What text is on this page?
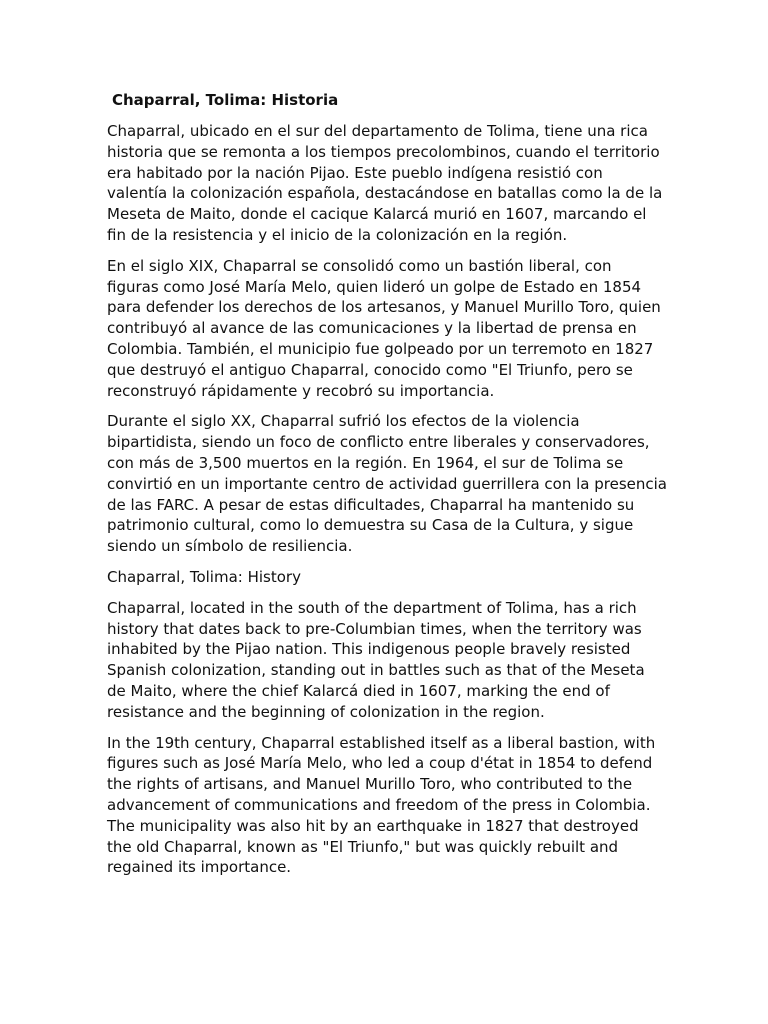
Chaparral, Tolima: Historia

Chaparral, ubicado en el sur del departamento de Tolima, tiene una rica historia que se remonta a los tiempos precolombinos, cuando el territorio era habitado por la nación Pijao. Este pueblo indígena resistió con valentía la colonización española, destacándose en batallas como la de la Meseta de Maito, donde el cacique Kalarcá murió en 1607, marcando el fin de la resistencia y el inicio de la colonización en la región.

En el siglo XIX, Chaparral se consolidó como un bastión liberal, con figuras como José María Melo, quien lideró un golpe de Estado en 1854 para defender los derechos de los artesanos, y Manuel Murillo Toro, quien contribuyó al avance de las comunicaciones y la libertad de prensa en Colombia. También, el municipio fue golpeado por un terremoto en 1827 que destruyó el antiguo Chaparral, conocido como "El Triunfo, pero se reconstruyó rápidamente y recobró su importancia.

Durante el siglo XX, Chaparral sufrió los efectos de la violencia bipartidista, siendo un foco de conflicto entre liberales y conservadores, con más de 3,500 muertos en la región. En 1964, el sur de Tolima se convirtió en un importante centro de actividad guerrillera con la presencia de las FARC. A pesar de estas dificultades, Chaparral ha mantenido su patrimonio cultural, como lo demuestra su Casa de la Cultura, y sigue siendo un símbolo de resiliencia.

Chaparral, Tolima: History

Chaparral, located in the south of the department of Tolima, has a rich history that dates back to pre-Columbian times, when the territory was inhabited by the Pijao nation. This indigenous people bravely resisted Spanish colonization, standing out in battles such as that of the Meseta de Maito, where the chief Kalarcá died in 1607, marking the end of resistance and the beginning of colonization in the region.

In the 19th century, Chaparral established itself as a liberal bastion, with figures such as José María Melo, who led a coup d'état in 1854 to defend the rights of artisans, and Manuel Murillo Toro, who contributed to the advancement of communications and freedom of the press in Colombia. The municipality was also hit by an earthquake in 1827 that destroyed the old Chaparral, known as "El Triunfo," but was quickly rebuilt and regained its importance.
